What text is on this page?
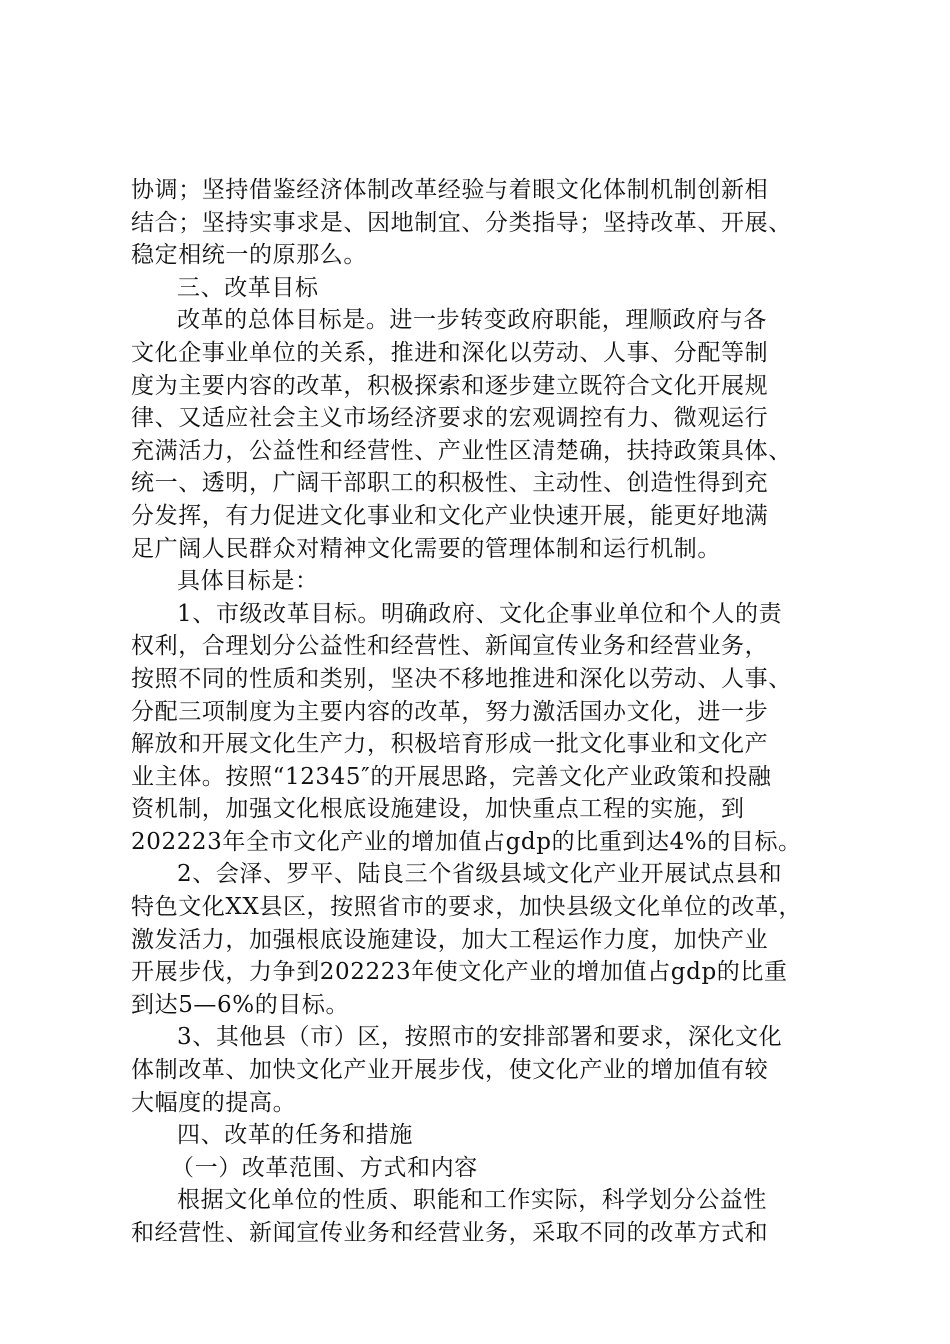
协调；坚持借鉴经济体制改革经验与着眼文化体制机制创新相
结合；坚持实事求是、因地制宜、分类指导；坚持改革、开展、
稳定相统一的原那么。
三、改革目标
改革的总体目标是。进一步转变政府职能，理顺政府与各
文化企事业单位的关系，推进和深化以劳动、人事、分配等制
度为主要内容的改革，积极探索和逐步建立既符合文化开展规
律、又适应社会主义市场经济要求的宏观调控有力、微观运行
充满活力，公益性和经营性、产业性区清楚确，扶持政策具体、
统一、透明，广阔干部职工的积极性、主动性、创造性得到充
分发挥，有力促进文化事业和文化产业快速开展，能更好地满
足广阔人民群众对精神文化需要的管理体制和运行机制。
具体目标是：
1、市级改革目标。明确政府、文化企事业单位和个人的责
权利，合理划分公益性和经营性、新闻宣传业务和经营业务，
按照不同的性质和类别，坚决不移地推进和深化以劳动、人事、
分配三项制度为主要内容的改革，努力激活国办文化，进一步
解放和开展文化生产力，积极培育形成一批文化事业和文化产
业主体。按照“12345″的开展思路，完善文化产业政策和投融
资机制，加强文化根底设施建设，加快重点工程的实施，到
202223年全市文化产业的增加值占gdp的比重到达4%的目标。
2、会泽、罗平、陆良三个省级县域文化产业开展试点县和
特色文化XX县区，按照省市的要求，加快县级文化单位的改革，
激发活力，加强根底设施建设，加大工程运作力度，加快产业
开展步伐，力争到202223年使文化产业的增加值占gdp的比重
到达5—6%的目标。
3、其他县（市）区，按照市的安排部署和要求，深化文化
体制改革、加快文化产业开展步伐，使文化产业的增加值有较
大幅度的提高。
四、改革的任务和措施
（一）改革范围、方式和内容
根据文化单位的性质、职能和工作实际，科学划分公益性
和经营性、新闻宣传业务和经营业务，采取不同的改革方式和
